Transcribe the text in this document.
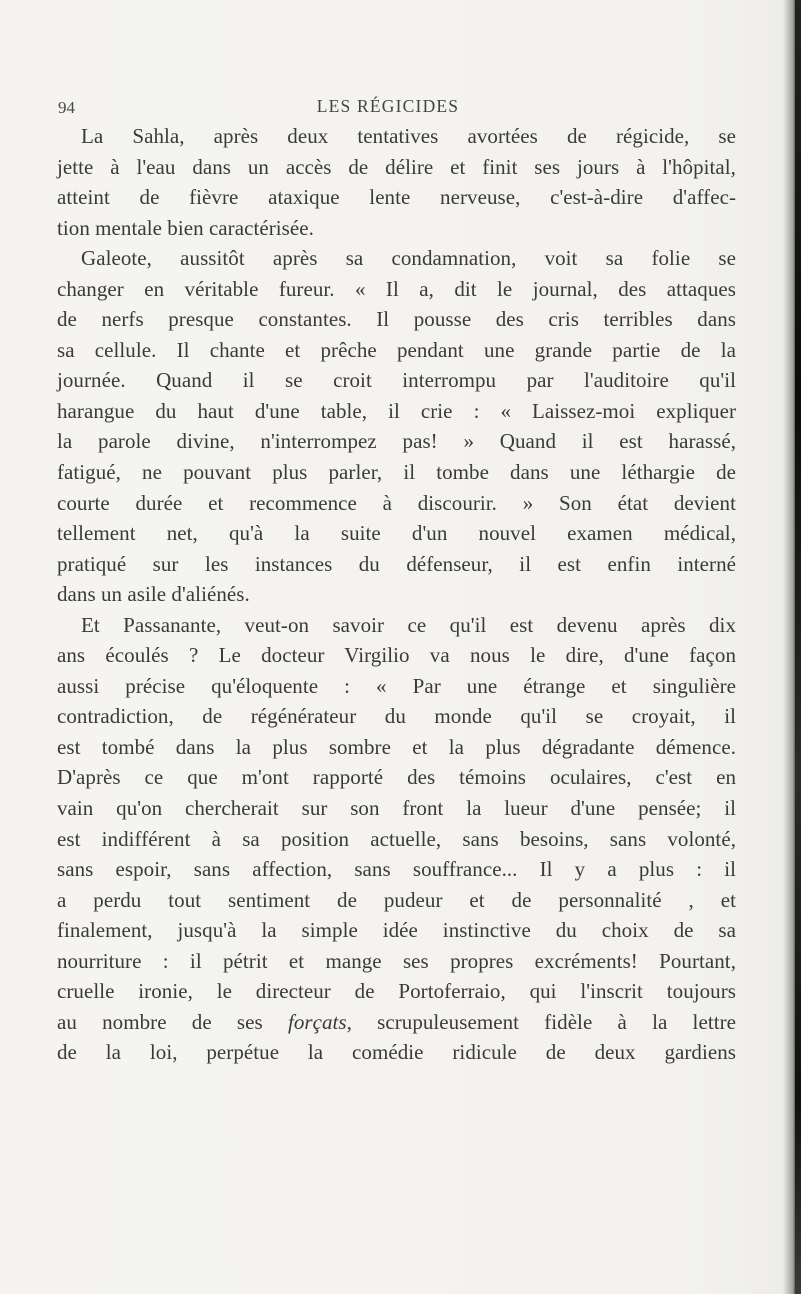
94	LES RÉGICIDES
La Sahla, après deux tentatives avortées de régicide, se
jette à l'eau dans un accès de délire et finit ses jours à l'hôpital,
atteint de fièvre ataxique lente nerveuse, c'est-à-dire d'affec-
tion mentale bien caractérisée.
Galeote, aussitôt après sa condamnation, voit sa folie se
changer en véritable fureur. « Il a, dit le journal, des attaques
de nerfs presque constantes. Il pousse des cris terribles dans
sa cellule. Il chante et prêche pendant une grande partie de la
journée. Quand il se croit interrompu par l'auditoire qu'il
harangue du haut d'une table, il crie : « Laissez-moi expliquer
la parole divine, n'interrompez pas! » Quand il est harassé,
fatigué, ne pouvant plus parler, il tombe dans une léthargie de
courte durée et recommence à discourir. » Son état devient
tellement net, qu'à la suite d'un nouvel examen médical,
pratiqué sur les instances du défenseur, il est enfin interné
dans un asile d'aliénés.
Et Passanante, veut-on savoir ce qu'il est devenu après dix
ans écoulés ? Le docteur Virgilio va nous le dire, d'une façon
aussi précise qu'éloquente : « Par une étrange et singulière
contradiction, de régénérateur du monde qu'il se croyait, il
est tombé dans la plus sombre et la plus dégradante démence.
D'après ce que m'ont rapporté des témoins oculaires, c'est en
vain qu'on chercherait sur son front la lueur d'une pensée; il
est indifférent à sa position actuelle, sans besoins, sans volonté,
sans espoir, sans affection, sans souffrance... Il y a plus : il
a perdu tout sentiment de pudeur et de personnalité , et
finalement, jusqu'à la simple idée instinctive du choix de sa
nourriture : il pétrit et mange ses propres excréments! Pourtant,
cruelle ironie, le directeur de Portoferraio, qui l'inscrit toujours
au nombre de ses forçats, scrupuleusement fidèle à la lettre
de la loi, perpétue la comédie ridicule de deux gardiens
